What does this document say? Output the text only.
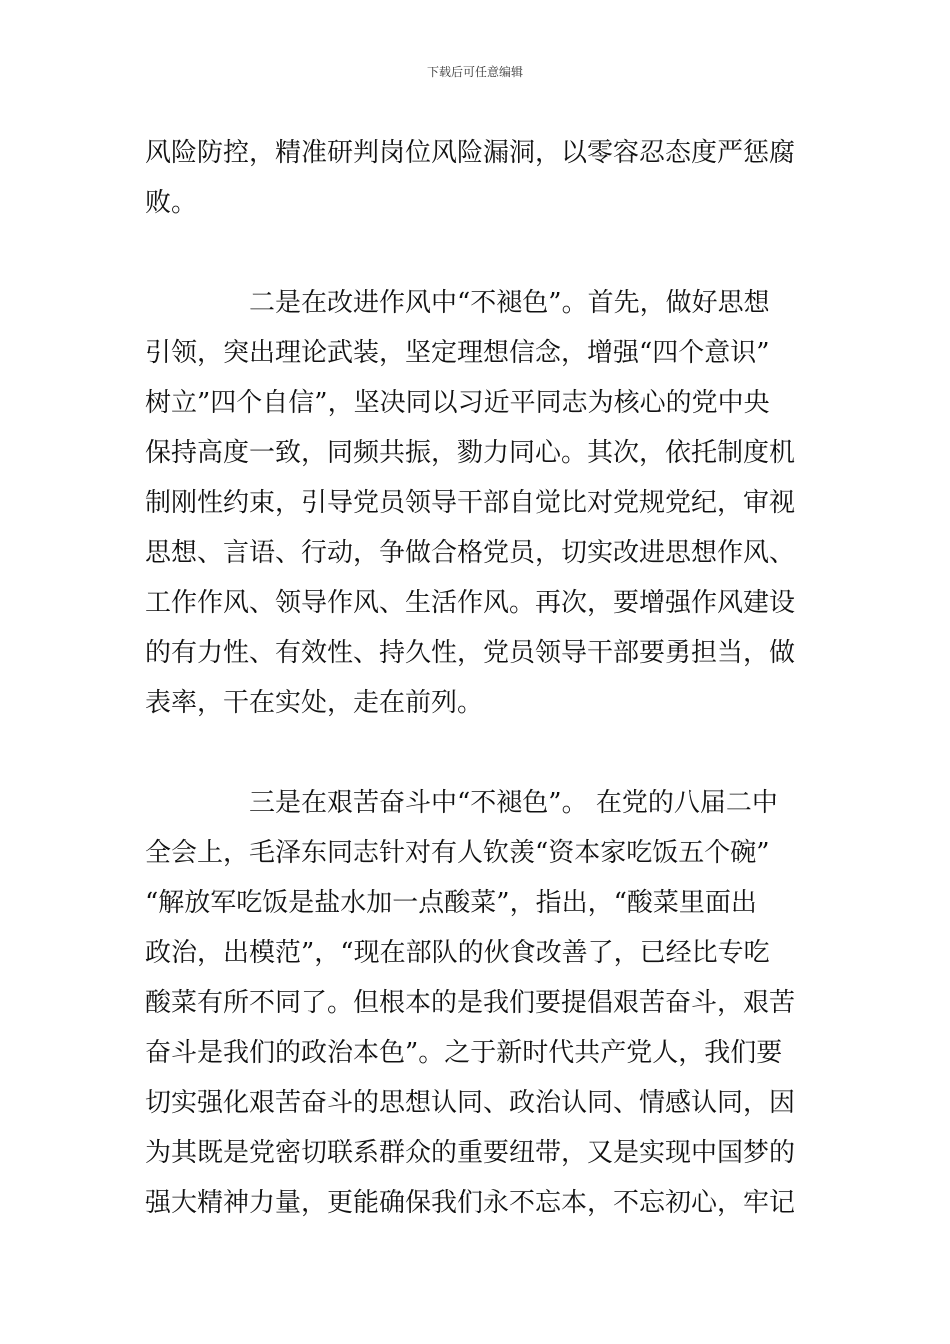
下载后可任意编辑
风险防控，精准研判岗位风险漏洞，以零容忍态度严惩腐
败。
二是在改进作风中“不褪色”。首先，做好思想
引领，突出理论武装，坚定理想信念，增强“四个意识”
树立”四个自信”，坚决同以习近平同志为核心的党中央
保持高度一致，同频共振，勠力同心。其次，依托制度机
制刚性约束，引导党员领导干部自觉比对党规党纪，审视
思想、言语、行动，争做合格党员，切实改进思想作风、
工作作风、领导作风、生活作风。再次，要增强作风建设
的有力性、有效性、持久性，党员领导干部要勇担当，做
表率，干在实处，走在前列。
三是在艰苦奋斗中“不褪色”。 在党的八届二中
全会上，毛泽东同志针对有人钦羡“资本家吃饭五个碗”
“解放军吃饭是盐水加一点酸菜”，指出，“酸菜里面出
政治，出模范”，“现在部队的伙食改善了，已经比专吃
酸菜有所不同了。但根本的是我们要提倡艰苦奋斗，艰苦
奋斗是我们的政治本色”。之于新时代共产党人，我们要
切实强化艰苦奋斗的思想认同、政治认同、情感认同，因
为其既是党密切联系群众的重要纽带，又是实现中国梦的
强大精神力量，更能确保我们永不忘本，不忘初心，牢记
